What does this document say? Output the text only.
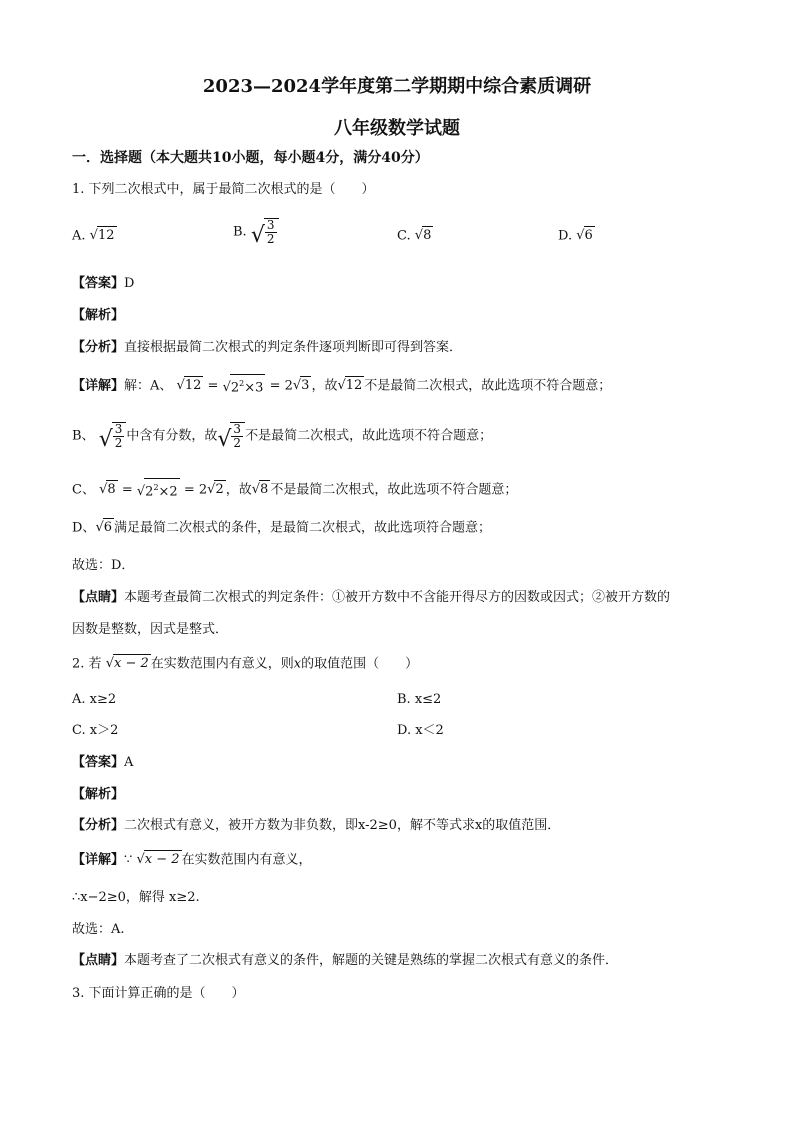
2023—2024学年度第二学期期中综合素质调研
八年级数学试题
一．选择题（本大题共10小题，每小题4分，满分40分）
1. 下列二次根式中，属于最简二次根式的是（　　）
A. √12	B. √ $\frac{3}{2}$	C. √8	D. √6
【答案】D
【解析】
【分析】直接根据最简二次根式的判定条件逐项判断即可得到答案．
【详解】解：A、 $√12 = √2^2\times 3 = 2√3$ ，故√12 不是最简二次根式，故此选项不符合题意；
B、 √ $\frac{3}{2}$ 中含有分数，故√ $\frac{3}{2}$ 不是最简二次根式，故此选项不符合题意；
C、 $√8 = √2^2\times 2 = 2√2$ ，故√8 不是最简二次根式，故此选项不符合题意；
D、√6 满足最简二次根式的条件，是最简二次根式，故此选项符合题意；
故选：D．
【点睛】本题考查最简二次根式的判定条件：①被开方数中不含能开得尽方的因数或因式；②被开方数的
因数是整数，因式是整式．
2. 若 √x − 2 在实数范围内有意义，则x的取值范围（　　）
A. x≥2	B. x≤2
C. x＞2	D. x＜2
【答案】A
【解析】
【分析】二次根式有意义，被开方数为非负数，即x-2≥0，解不等式求x的取值范围．
【详解】∵ √x − 2 在实数范围内有意义，
∴x−2≥0，解得 x≥2.
故选：A.
【点睛】本题考查了二次根式有意义的条件，解题的关键是熟练的掌握二次根式有意义的条件．
3. 下面计算正确的是（　　）
